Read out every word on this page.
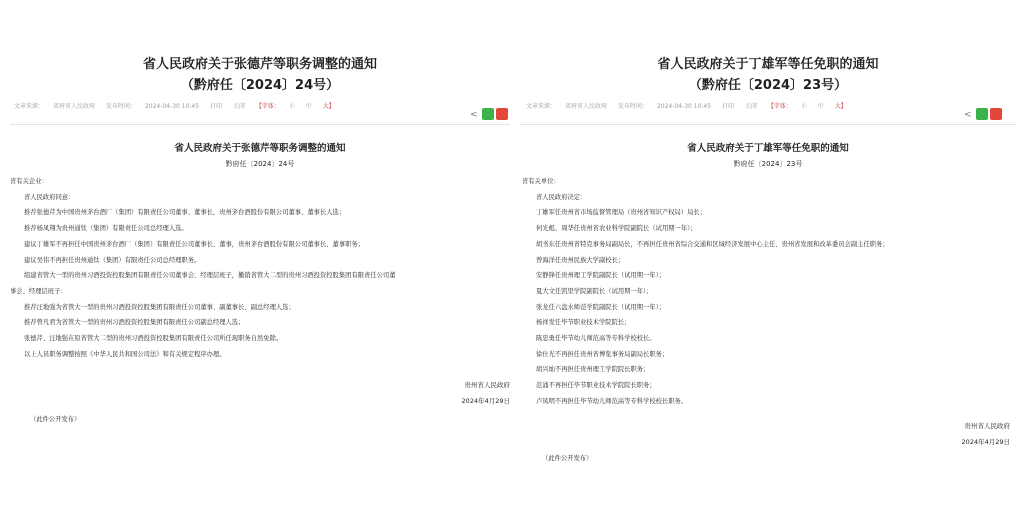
省人民政府关于张德芹等职务调整的通知
（黔府任〔2024〕24号）
文章来源： 省府省人民政府 发布时间： 2024-04-30 10:45 打印 关闭 【字体： 小 中 大】
<
省人民政府关于张德芹等职务调整的通知
黔府任〔2024〕24号
省有关企业：
省人民政府同意：
推荐张德芹为中国贵州茅台酒厂（集团）有限责任公司董事、董事长，贵州茅台酒股份有限公司董事、董事长人选；
推荐杨凤翔为贵州通钛（集团）有限责任公司总经理人选。
建议丁雄军不再担任中国贵州茅台酒厂（集团）有限责任公司董事长、董事，贵州茅台酒股份有限公司董事长、董事职务；
建议吴伟不再担任贵州通钛（集团）有限责任公司总经理职务。
组建省管大一型的贵州习酒投资控股集团有限责任公司董事会、经理层班子，撤销省管大二型的贵州习酒投资控股集团有限责任公司董
事会、经理层班子：
推荐汪地强为省管大一型的贵州习酒投资控股集团有限责任公司董事、副董事长、副总经理人选；
推荐曾凡君为省管大一型的贵州习酒投资控股集团有限责任公司副总经理人选；
张德芹、汪地强在原省管大二型的贵州习酒投资控股集团有限责任公司所任现职务自然免除。
以上人员职务调整按照《中华人民共和国公司法》和有关规定程序办理。
贵州省人民政府
2024年4月29日
（此件公开发布）
省人民政府关于丁雄军等任免职的通知
（黔府任〔2024〕23号）
文章来源： 省府省人民政府 发布时间： 2024-04-30 10:45 打印 关闭 【字体： 小 中 大】
<
省人民政府关于丁雄军等任免职的通知
黔府任〔2024〕23号
省有关单位：
省人民政府决定：
丁雄军任贵州省市场监督管理局（贵州省知识产权局）局长；
何光彪、周华任贵州省农业科学院副院长（试用期一年）；
胡书东任贵州省特克事务局副局长，不再担任贵州省综合交通和区域经济发展中心主任、贵州省发展和改革委员会副主任职务；
曾海洋任贵州民族大学副校长；
安静锋任贵州理工学院副院长（试用期一年）；
夏大文任凯里学院副院长（试用期一年）；
张龙任六盘水师范学院副院长（试用期一年）；
杨祥发任毕节职业技术学院院长；
陈忠勇任毕节幼儿师范高等专科学校校长。
徐仕光不再担任贵州省博览事务局副局长职务；
胡兴灿不再担任贵州理工学院院长职务；
范涌不再担任毕节职业技术学院院长职务；
卢凤明不再担任毕节幼儿师范高等专科学校校长职务。
贵州省人民政府
2024年4月29日
（此件公开发布）
